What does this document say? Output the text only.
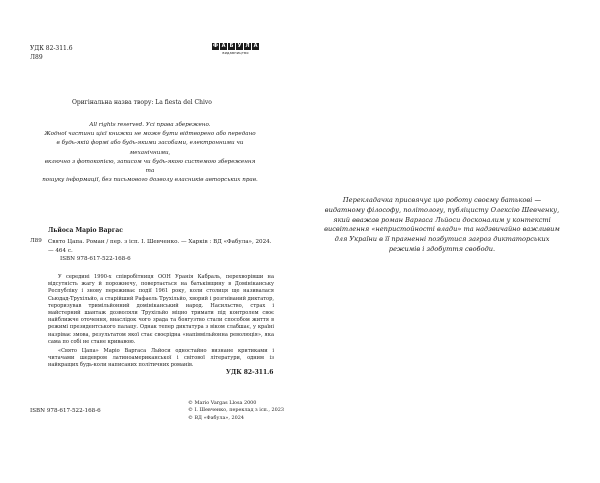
УДК 82-311.6
Л89
Ф А Б У Л А
видавництво
Оригінальна назва твору: La fiesta del Chivo
All rights reserved. Усі права збережено.
Жодної частини цієї книжки не може бути відтворено або передано
в будь-якій формі або будь-якими засобами, електронними чи механічними,
включно з фотокопією, записом чи будь-якою системою збереження та
пошуку інформації, без письмового дозволу власників авторських прав.
Льйоса Маріо Варгас
Л89 Свято Цапа. Роман / пер. з ісп. І. Шевченко. — Харків : ВД «Фабула», 2024. — 464 с.
ISBN 978-617-522-168-6

У середині 1990-х співробітниця ООН Уранія Кабраль, перехворівши на відсутність жагу й порожнечу, повертається на батьківщину в Домініканську Республіку і знову переживає події 1961 року, коли столиця ще називалася Сьюдад-Трухільйо, а старійший Рафаель Трухільйо, хворий і розгніваний диктатор, тероризував тримільйонний домініканський народ. Насильство, страх і майстерний шантаж дозволяли Трухільйо міцно тримати під контролем своє найближче оточення, внаслідок чого зрада та боягузтво стали способом життя в режимі президентського палацу. Однак тепер диктатура з віком слабшає, у країні назріває змова, результатом якої стає своєрідна «напівмільйонна революція», яка сама по собі не стане кривавою.

«Свято Цапа» Маріо Варгаса Льйоси одностайно визнане критиками і читачами шедевром латиноамериканської і світової літератури, одним із найкращих будь-коли написаних політичних романів.

УДК 82-311.6
© Mario Vargas Llosa 2000
© І. Шевченко, переклад з ісп., 2023
© ВД «Фабула», 2024
ISBN 978-617-522-168-6
Перекладачка присвячує цю роботу своєму батькові — видатному філософу, політологу, публіцисту Олексію Шевченку, який вважав роман Варгаса Льйоси досконалим у контексті висвітлення «непристойності влади» та надзвичайно важливим для України в її прагненні позбутися загроз диктаторських режимів і здобуття свободи.
